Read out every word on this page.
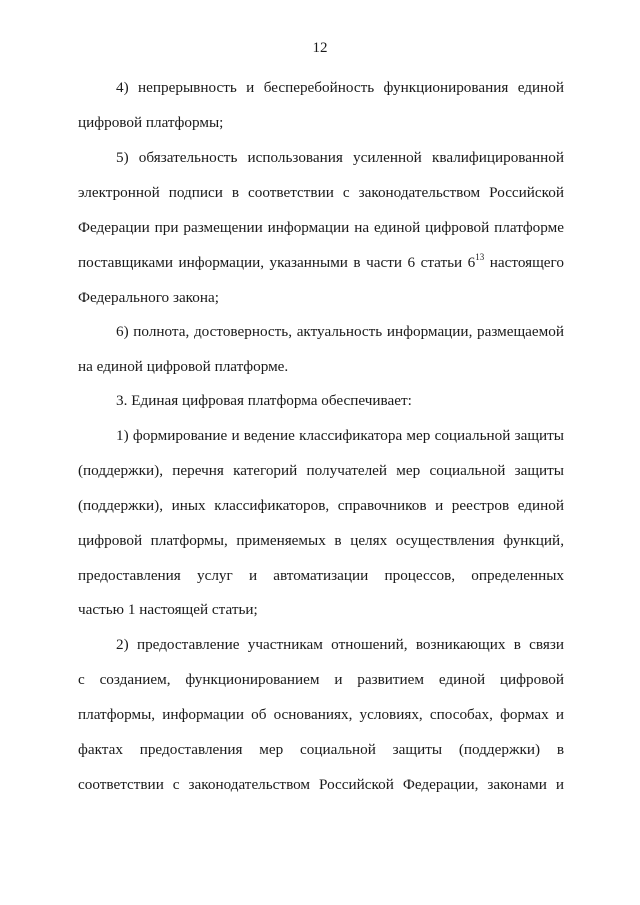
12
4) непрерывность и бесперебойность функционирования единой
цифровой платформы;
5) обязательность использования усиленной квалифицированной
электронной подписи в соответствии с законодательством Российской
Федерации при размещении информации на единой цифровой платформе
поставщиками информации, указанными в части 6 статьи $6^{13}$ настоящего
Федерального закона;
6) полнота, достоверность, актуальность информации, размещаемой
на единой цифровой платформе.
3. Единая цифровая платформа обеспечивает:
1) формирование и ведение классификатора мер социальной защиты
(поддержки), перечня категорий получателей мер социальной защиты
(поддержки), иных классификаторов, справочников и реестров единой
цифровой платформы, применяемых в целях осуществления функций,
предоставления услуг и автоматизации процессов, определенных
частью 1 настоящей статьи;
2) предоставление участникам отношений, возникающих в связи
с созданием, функционированием и развитием единой цифровой
платформы, информации об основаниях, условиях, способах, формах и
фактах предоставления мер социальной защиты (поддержки) в
соответствии с законодательством Российской Федерации, законами и
